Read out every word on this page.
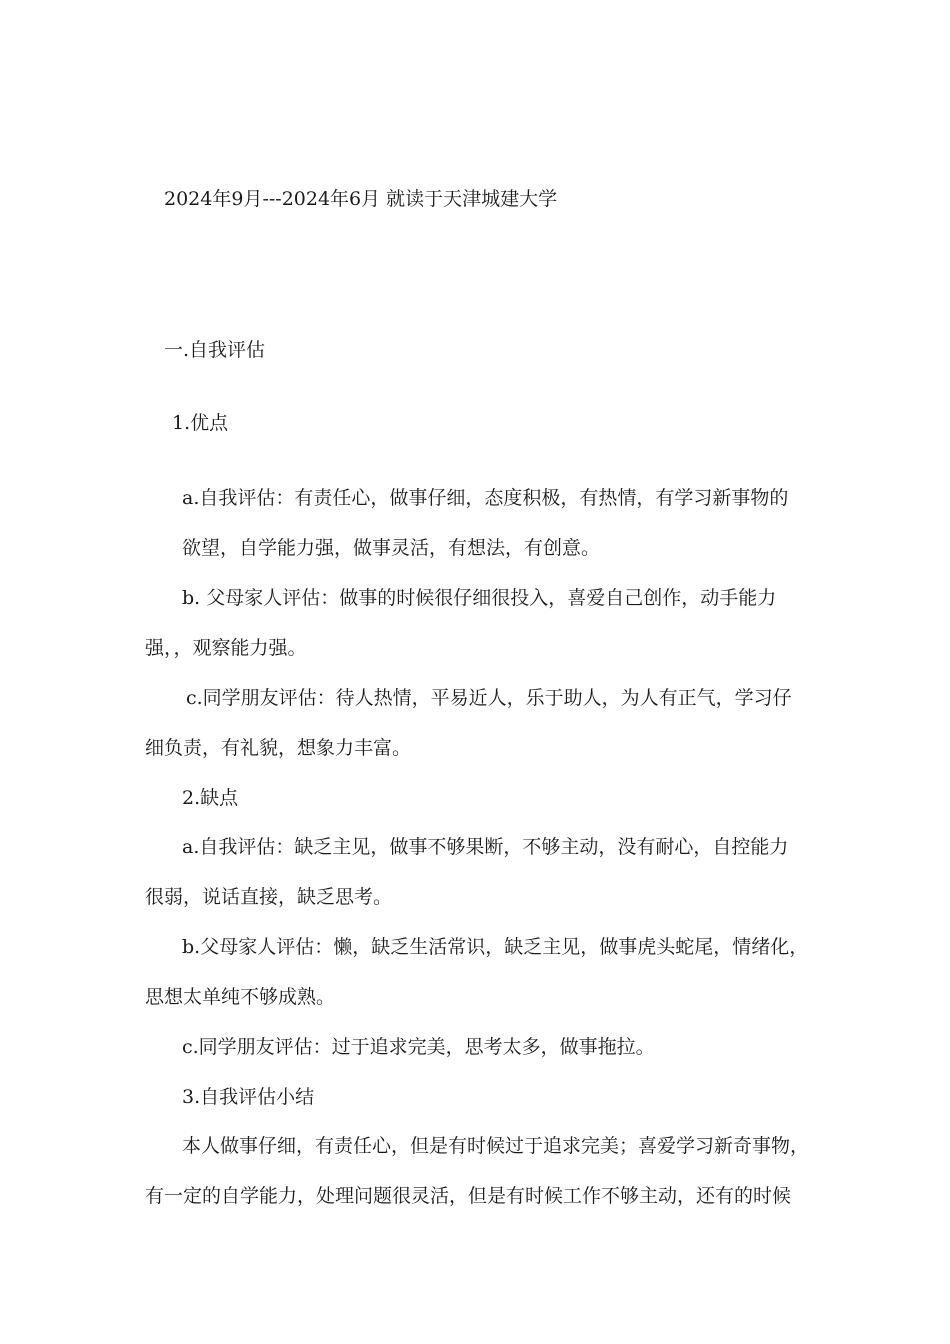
2024年9月---2024年6月 就读于天津城建大学
一.自我评估
1.优点
a.自我评估：有责任心，做事仔细，态度积极，有热情，有学习新事物的
欲望，自学能力强，做事灵活，有想法，有创意。
b. 父母家人评估：做事的时候很仔细很投入，喜爱自己创作，动手能力
强，，观察能力强。
c.同学朋友评估：待人热情，平易近人，乐于助人，为人有正气，学习仔
细负责，有礼貌，想象力丰富。
2.缺点
a.自我评估：缺乏主见，做事不够果断，不够主动，没有耐心，自控能力
很弱，说话直接，缺乏思考。
b.父母家人评估：懒，缺乏生活常识，缺乏主见，做事虎头蛇尾，情绪化，
思想太单纯不够成熟。
c.同学朋友评估：过于追求完美，思考太多，做事拖拉。
3.自我评估小结
本人做事仔细，有责任心，但是有时候过于追求完美；喜爱学习新奇事物，
有一定的自学能力，处理问题很灵活，但是有时候工作不够主动，还有的时候
